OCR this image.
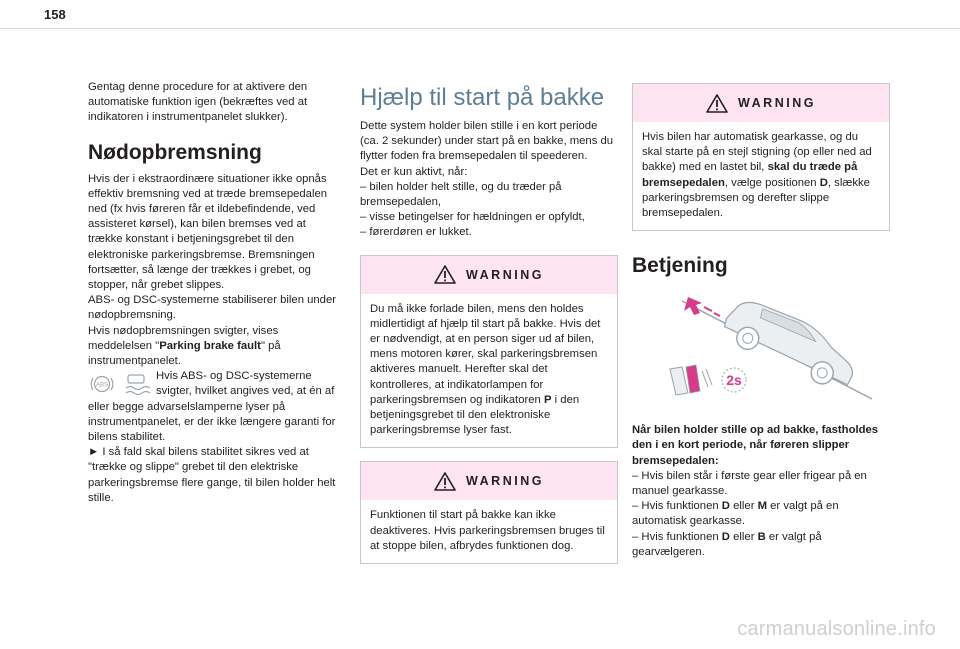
158

Gentag denne procedure for at aktivere den automatiske funktion igen (bekræftes ved at indikatoren i instrumentpanelet slukker).

Nødopbremsning

Hvis der i ekstraordinære situationer ikke opnås effektiv bremsning ved at træde bremsepedalen ned (fx hvis føreren får et ildebefindende, ved assisteret kørsel), kan bilen bremses ved at trække konstant i betjeningsgrebet til den elektroniske parkeringsbremse. Bremsningen fortsætter, så længe der trækkes i grebet, og stopper, når grebet slippes.

ABS- og DSC-systemerne stabiliserer bilen under nødopbremsning.

Hvis nødopbremsningen svigter, vises meddelelsen "Parking brake fault" på instrumentpanelet.

ABS
Hvis ABS- og DSC-systemerne svigter, hvilket angives ved, at én af eller begge advarselslamperne lyser på instrumentpanelet, er der ikke længere garanti for bilens stabilitet.

► I så fald skal bilens stabilitet sikres ved at "trække og slippe" grebet til den elektriske parkeringsbremse flere gange, til bilen holder helt stille.

Hjælp til start på bakke

Dette system holder bilen stille i en kort periode (ca. 2 sekunder) under start på en bakke, mens du flytter foden fra bremsepedalen til speederen.

Det er kun aktivt, når:

– bilen holder helt stille, og du træder på bremsepedalen,

– visse betingelser for hældningen er opfyldt,

– førerdøren er lukket.

WARNING
Du må ikke forlade bilen, mens den holdes midlertidigt af hjælp til start på bakke. Hvis det er nødvendigt, at en person siger ud af bilen, mens motoren kører, skal parkeringsbremsen aktiveres manuelt. Herefter skal det kontrolleres, at indikatorlampen for parkeringsbremsen og indikatoren P i den betjeningsgrebet til den elektroniske parkeringsbremse lyser fast.
WARNING
Funktionen til start på bakke kan ikke deaktiveres. Hvis parkeringsbremsen bruges til at stoppe bilen, afbrydes funktionen dog.
WARNING
Hvis bilen har automatisk gearkasse, og du skal starte på en stejl stigning (op eller ned ad bakke) med en lastet bil, skal du træde på bremsepedalen, vælge positionen D, slække parkeringsbremsen og derefter slippe bremsepedalen.
Betjening
2s

Når bilen holder stille op ad bakke, fastholdes den i en kort periode, når føreren slipper bremsepedalen:

– Hvis bilen står i første gear eller frigear på en manuel gearkasse.

– Hvis funktionen D eller M er valgt på en automatisk gearkasse.

– Hvis funktionen D eller B er valgt på gearvælgeren.

carmanualsonline.info
